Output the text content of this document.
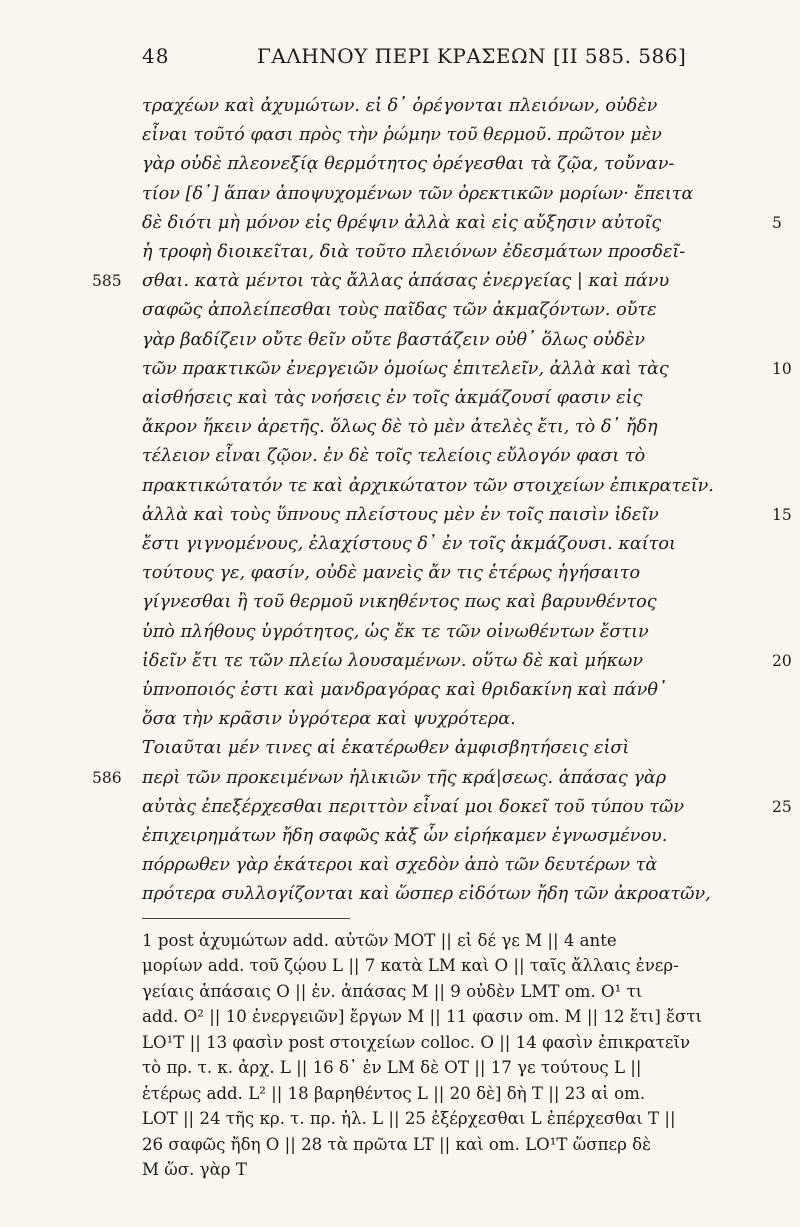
48	ΓΑΛΗΝΟΥ ΠΕΡΙ ΚΡΑΣΕΩΝ [II 585. 586]
τραχέων καὶ ἀχυμώτων. εἰ δ᾽ ὀρέγονται πλειόνων, οὐδὲν
εἶναι τοῦτό φασι πρὸς τὴν ῥώμην τοῦ θερμοῦ. πρῶτον μὲν
γὰρ οὐδὲ πλεονεξίᾳ θερμότητος ὀρέγεσθαι τὰ ζῷα, τοὔναν-
τίον [δ᾽] ἅπαν ἀποψυχομένων τῶν ὀρεκτικῶν μορίων· ἔπειτα
δὲ διότι μὴ μόνον εἰς θρέψιν ἀλλὰ καὶ εἰς αὔξησιν αὐτοῖς
ἡ τροφὴ διοικεῖται, διὰ τοῦτο πλειόνων ἐδεσμάτων προσδεῖ-
σθαι. κατὰ μέντοι τὰς ἄλλας ἁπάσας ἐνεργείας | καὶ πάνυ
σαφῶς ἀπολείπεσθαι τοὺς παῖδας τῶν ἀκμαζόντων. οὔτε
γὰρ βαδίζειν οὔτε θεῖν οὔτε βαστάζειν οὐθ᾽ ὅλως οὐδὲν
τῶν πρακτικῶν ἐνεργειῶν ὁμοίως ἐπιτελεῖν, ἀλλὰ καὶ τὰς
αἰσθήσεις καὶ τὰς νοήσεις ἐν τοῖς ἀκμάζουσί φασιν εἰς
ἄκρον ἥκειν ἀρετῆς. ὅλως δὲ τὸ μὲν ἀτελὲς ἔτι, τὸ δ᾽ ἤδη
τέλειον εἶναι ζῷον. ἐν δὲ τοῖς τελείοις εὔλογόν φασι τὸ
πρακτικώτατόν τε καὶ ἀρχικώτατον τῶν στοιχείων ἐπικρατεῖν.
ἀλλὰ καὶ τοὺς ὕπνους πλείστους μὲν ἐν τοῖς παισὶν ἰδεῖν
ἔστι γιγνομένους, ἐλαχίστους δ᾽ ἐν τοῖς ἀκμάζουσι. καίτοι
τούτους γε, φασίν, οὐδὲ μανεὶς ἄν τις ἑτέρως ἡγήσαιτο
γίγνεσθαι ἢ τοῦ θερμοῦ νικηθέντος πως καὶ βαρυνθέντος
ὑπὸ πλήθους ὑγρότητος, ὡς ἔκ τε τῶν οἰνωθέντων ἔστιν
ἰδεῖν ἔτι τε τῶν πλείω λουσαμένων. οὕτω δὲ καὶ μήκων
ὑπνοποιός ἐστι καὶ μανδραγόρας καὶ θριδακίνη καὶ πάνθ᾽
ὅσα τὴν κρᾶσιν ὑγρότερα καὶ ψυχρότερα.
Τοιαῦται μέν τινες αἱ ἑκατέρωθεν ἀμφισβητήσεις εἰσὶ
περὶ τῶν προκειμένων ἡλικιῶν τῆς κρά|σεως. ἁπάσας γὰρ
585
586
5
10
15
20
αὐτὰς ἐπεξέρχεσθαι περιττὸν εἶναί μοι δοκεῖ τοῦ τύπου τῶν	25
ἐπιχειρημάτων ἤδη σαφῶς κἀξ ὧν εἰρήκαμεν ἐγνωσμένου.
πόρρωθεν γὰρ ἑκάτεροι καὶ σχεδὸν ἀπὸ τῶν δευτέρων τὰ
πρότερα συλλογίζονται καὶ ὥσπερ εἰδότων ἤδη τῶν ἀκροατῶν,
1 post ἀχυμώτων add. αὐτῶν MOT || εἰ δέ γε M || 4 ante
μορίων add. τοῦ ζῴου L || 7 κατὰ LM καὶ O || ταῖς ἄλλαις ἐνερ-
γείαις ἁπάσαις O || ἐν. ἁπάσας M || 9 οὐδὲν LMT om. O¹ τι
add. O² || 10 ἐνεργειῶν] ἔργων M || 11 φασιν om. M || 12 ἔτι] ἔστι
LO¹T || 13 φασὶν post στοιχείων colloc. O || 14 φασὶν ἐπικρατεῖν
τὸ πρ. τ. κ. ἀρχ. L || 16 δ᾽ ἐν LM δὲ OT || 17 γε τούτους L ||
ἑτέρως add. L² || 18 βαρηθέντος L || 20 δὲ] δὴ T || 23 αἱ om.
LOT || 24 τῆς κρ. τ. πρ. ἡλ. L || 25 ἐξέρχεσθαι L ἐπέρχεσθαι T ||
26 σαφῶς ἤδη O || 28 τὰ πρῶτα LT || καὶ om. LO¹T ὥσπερ δὲ
M ὥσ. γὰρ T
